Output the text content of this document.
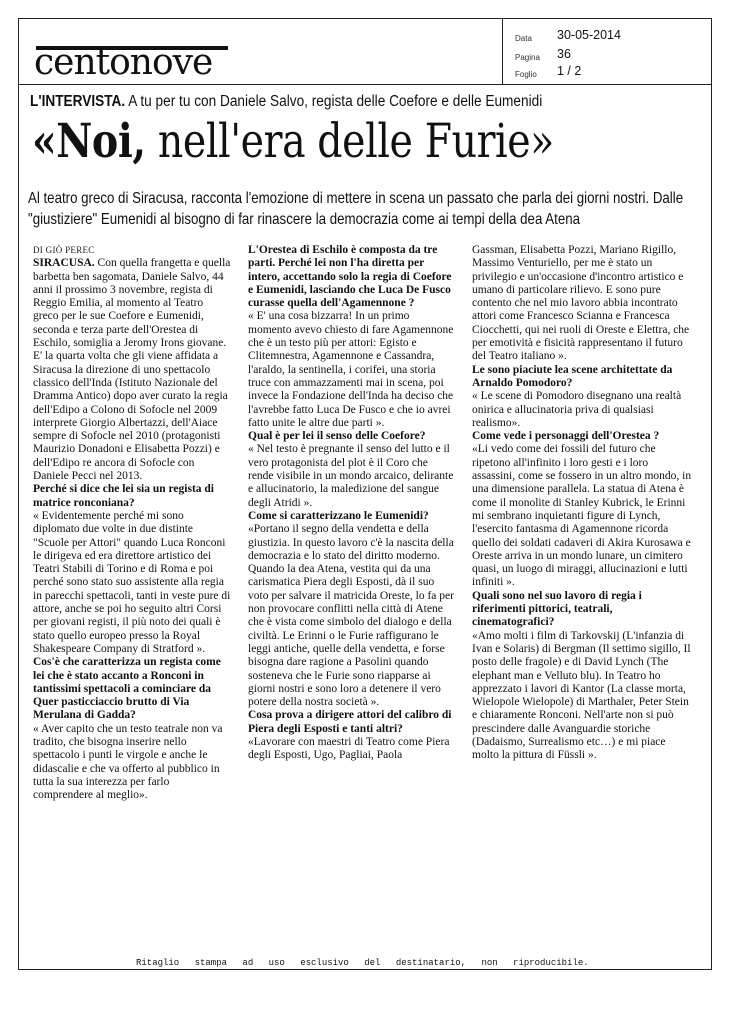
centonove
Data 30-05-2014
Pagina 36
Foglio 1 / 2
L'INTERVISTA. A tu per tu con Daniele Salvo, regista delle Coefore e delle Eumenidi
«Noi, nell'era delle Furie»
Al teatro greco di Siracusa, racconta l'emozione di mettere in scena un passato che parla dei giorni nostri. Dalle "giustiziere" Eumenidi al bisogno di far rinascere la democrazia come ai tempi della dea Atena
DI GIÒ PEREC

SIRACUSA. Con quella frangetta e quella barbetta ben sagomata, Daniele Salvo, 44 anni il prossimo 3 novembre, regista di Reggio Emilia, al momento al Teatro greco per le sue Coefore e Eumenidi, seconda e terza parte dell'Orestea di Eschilo, somiglia a Jeromy Irons giovane. E' la quarta volta che gli viene affidata a Siracusa la direzione di uno spettacolo classico dell'Inda (Istituto Nazionale del Dramma Antico) dopo aver curato la regia dell'Edipo a Colono di Sofocle nel 2009 interprete Giorgio Albertazzi, dell'Aiace sempre di Sofocle nel 2010 (protagonisti Maurizio Donadoni e Elisabetta Pozzi) e dell'Edipo re ancora di Sofocle con Daniele Pecci nel 2013.

Perché si dice che lei sia un regista di matrice ronconiana?

« Evidentemente perché mi sono diplomato due volte in due distinte "Scuole per Attori" quando Luca Ronconi le dirigeva ed era direttore artistico dei Teatri Stabili di Torino e di Roma e poi perché sono stato suo assistente alla regia in parecchi spettacoli, tanti in veste pure di attore, anche se poi ho seguito altri Corsi per giovani registi, il più noto dei quali è stato quello europeo presso la Royal Shakespeare Company di Stratford ».

Cos'è che caratterizza un regista come lei che è stato accanto a Ronconi in tantissimi spettacoli a cominciare da Quer pasticciaccio brutto di Via Merulana di Gadda?

« Aver capito che un testo teatrale non va tradito, che bisogna inserire nello spettacolo i punti le virgole e anche le didascalie e che va offerto al pubblico in tutta la sua interezza per farlo comprendere al meglio».

L'Orestea di Eschilo è composta da tre parti. Perché lei non l'ha diretta per intero, accettando solo la regia di Coefore e Eumenidi, lasciando che Luca De Fusco curasse quella dell'Agamennone ?

« E' una cosa bizzarra! In un primo momento avevo chiesto di fare Agamennone che è un testo più per attori: Egisto e Clitemnestra, Agamennone e Cassandra, l'araldo, la sentinella, i corifei, una storia truce con ammazzamenti mai in scena, poi invece la Fondazione dell'Inda ha deciso che l'avrebbe fatto Luca De Fusco e che io avrei fatto unite le altre due parti ».

Qual è per lei il senso delle Coefore?

« Nel testo è pregnante il senso del lutto e il vero protagonista del plot è il Coro che rende visibile in un mondo arcaico, delirante e allucinatorio, la maledizione del sangue degli Atridi ».

Come si caratterizzano le Eumenidi?

«Portano il segno della vendetta e della giustizia. In questo lavoro c'è la nascita della democrazia e lo stato del diritto moderno. Quando la dea Atena, vestita qui da una carismatica Piera degli Esposti, dà il suo voto per salvare il matricida Oreste, lo fa per non provocare conflitti nella città di Atene che è vista come simbolo del dialogo e della civiltà. Le Erinni o le Furie raffigurano le leggi antiche, quelle della vendetta, e forse bisogna dare ragione a Pasolini quando sosteneva che le Furie sono riapparse ai giorni nostri e sono loro a detenere il vero potere della nostra società ».

Cosa prova a dirigere attori del calibro di Piera degli Esposti e tanti altri?

«Lavorare con maestri di Teatro come Piera degli Esposti, Ugo, Pagliai, Paola

Gassman, Elisabetta Pozzi, Mariano Rigillo, Massimo Venturiello, per me è stato un privilegio e un'occasione d'incontro artistico e umano di particolare rilievo. E sono pure contento che nel mio lavoro abbia incontrato attori come Francesco Scianna e Francesca Ciocchetti, qui nei ruoli di Oreste e Elettra, che per emotività e fisicità rappresentano il futuro del Teatro italiano ».

Le sono piaciute lea scene architettate da Arnaldo Pomodoro?

« Le scene di Pomodoro disegnano una realtà onirica e allucinatoria priva di qualsiasi realismo».

Come vede i personaggi dell'Orestea ?

«Li vedo come dei fossili del futuro che ripetono all'infinito i loro gesti e i loro assassini, come se fossero in un altro mondo, in una dimensione parallela. La statua di Atena è come il monolite di Stanley Kubrick, le Erinni mi sembrano inquietanti figure di Lynch, l'esercito fantasma di Agamennone ricorda quello dei soldati cadaveri di Akira Kurosawa e Oreste arriva in un mondo lunare, un cimitero quasi, un luogo di miraggi, allucinazioni e lutti infiniti ».

Quali sono nel suo lavoro di regia i riferimenti pittorici, teatrali, cinematografici?

«Amo molti i film di Tarkovskij (L'infanzia di Ivan e Solaris) di Bergman (Il settimo sigillo, Il posto delle fragole) e di David Lynch (The elephant man e Velluto blu). In Teatro ho apprezzato i lavori di Kantor (La classe morta, Wielopole Wielopole) di Marthaler, Peter Stein e chiaramente Ronconi. Nell'arte non si può prescindere dalle Avanguardie storiche (Dadaismo, Surrealismo etc…) e mi piace molto la pittura di Füssli ».

Ritaglio stampa ad uso esclusivo del destinatario, non riproducibile.
